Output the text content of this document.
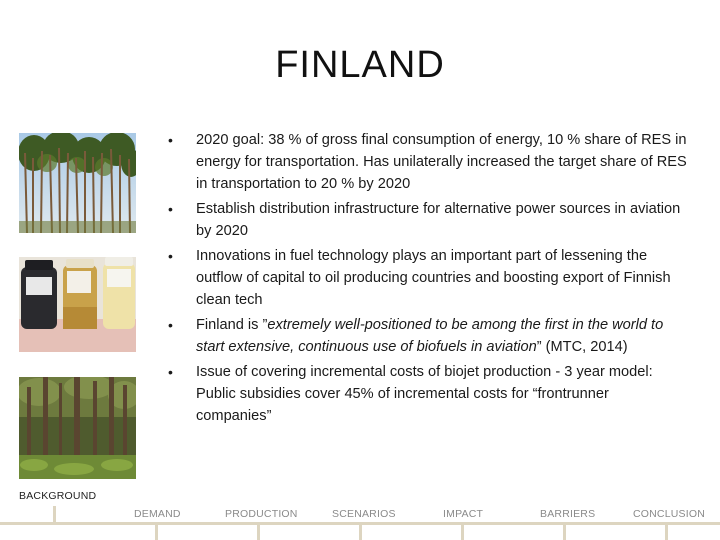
FINLAND
• 2020 goal: 38 % of gross final consumption of energy, 10 % share of RES in energy for transportation. Has unilaterally increased the target share of RES in transportation to 20 % by 2020
• Establish distribution infrastructure for alternative power sources in aviation by 2020
• Innovations in fuel technology plays an important part of lessening the outflow of capital to oil producing countries and boosting export of Finnish clean tech
• Finland is ”extremely well-positioned to be among the first in the world to start extensive, continuous use of biofuels in aviation” (MTC, 2014)
• Issue of covering incremental costs of biojet production - 3 year model: Public subsidies cover 45% of incremental costs for “frontrunner companies”
BACKGROUND
DEMAND	PRODUCTION	SCENARIOS	IMPACT	BARRIERS	CONCLUSION
